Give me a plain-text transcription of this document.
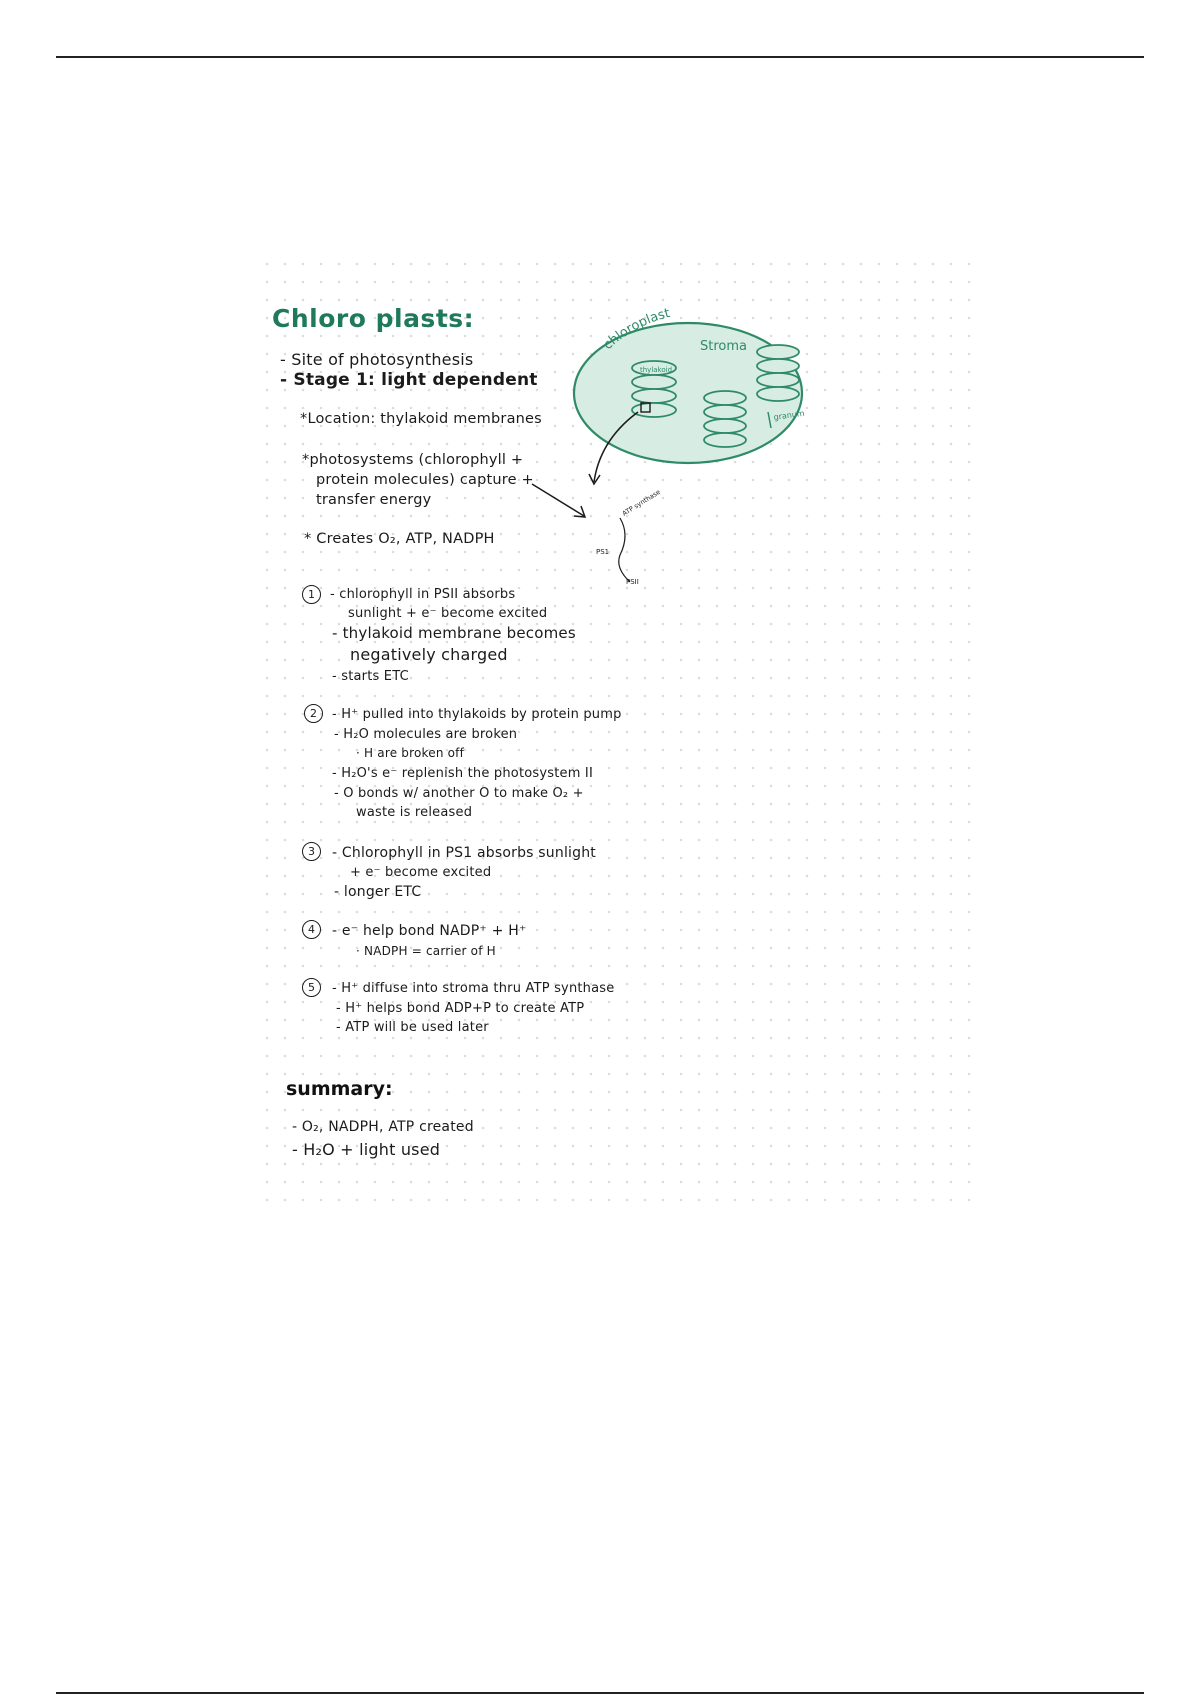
Chloro plasts:
- Site of photosynthesis
- Stage 1: light dependent
*Location: thylakoid membranes
*photosystems (chlorophyll +
protein molecules) capture +
transfer energy
* Creates O₂, ATP, NADPH
chloroplast
Stroma
thylakoid
granum
ATP synthase
PS1
PSII
1	- chlorophyll in PSII absorbs
sunlight + e⁻ become excited
- thylakoid membrane becomes
negatively charged
- starts ETC
2	- H⁺ pulled into thylakoids by protein pump
- H₂O molecules are broken
· H are broken off
- H₂O's e⁻ replenish the photosystem II
- O bonds w/ another O to make O₂ +
waste is released
3	- Chlorophyll in PS1 absorbs sunlight
+ e⁻ become excited
- longer ETC
4	- e⁻ help bond NADP⁺ + H⁺
· NADPH = carrier of H
5	- H⁺ diffuse into stroma thru ATP synthase
- H⁺ helps bond ADP+P to create ATP
- ATP will be used later
summary:
- O₂, NADPH, ATP created
- H₂O + light used
